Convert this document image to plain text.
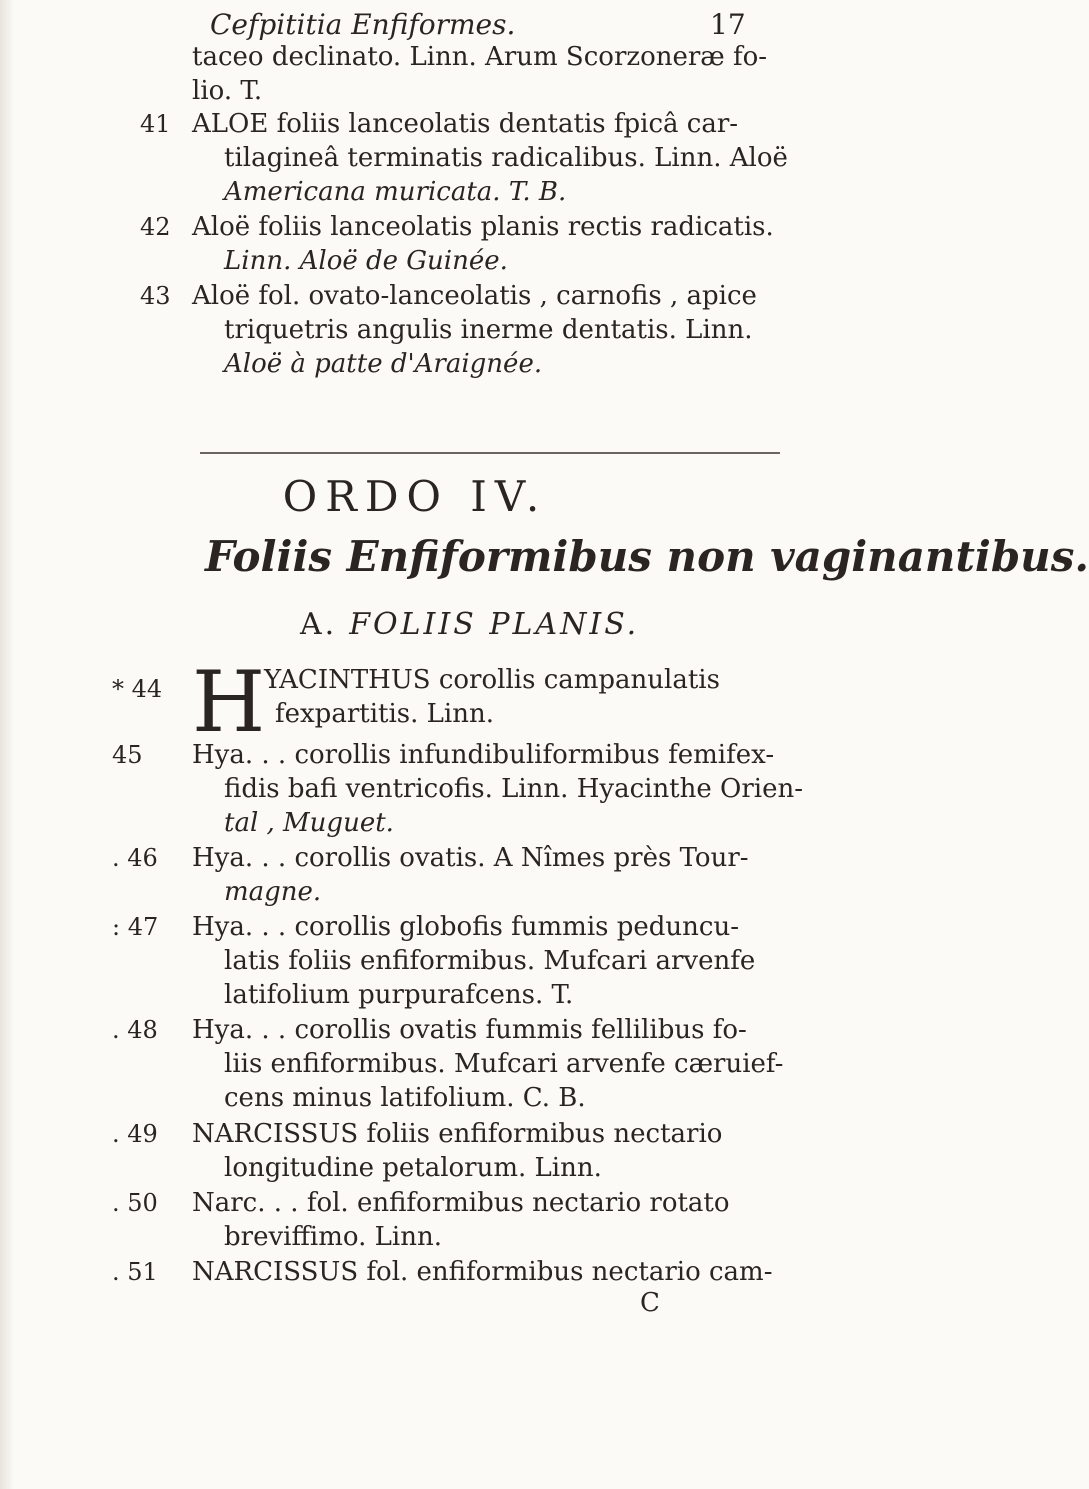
Cefpititia Enfiformes.	17
taceo declinato. Linn. Arum Scorzoneræ fo-
lio. T.
41 ALOE foliis lanceolatis dentatis fpicâ car-
tilagineâ terminatis radicalibus. Linn. Aloë
Americana muricata. T. B.
42 Aloë foliis lanceolatis planis rectis radicatis.
Linn. Aloë de Guinée.
43 Aloë fol. ovato-lanceolatis , carnofis , apice
triquetris angulis inerme dentatis. Linn.
Aloë à patte d'Araignée.
ORDO IV.
Foliis Enfiformibus non vaginantibus.
A. FOLIIS PLANIS.
* 44 H
YACINTHUS corollis campanulatis
fexpartitis. Linn.
45 Hya. . . corollis infundibuliformibus femifex-
fidis bafi ventricofis. Linn. Hyacinthe Orien-
tal , Muguet.
. 46 Hya. . . corollis ovatis. A Nîmes près Tour-
magne.
: 47 Hya. . . corollis globofis fummis peduncu-
latis foliis enfiformibus. Mufcari arvenfe
latifolium purpurafcens. T.
. 48 Hya. . . corollis ovatis fummis fellilibus fo-
liis enfiformibus. Mufcari arvenfe cæruief-
cens minus latifolium. C. B.
. 49 NARCISSUS foliis enfiformibus nectario
longitudine petalorum. Linn.
. 50 Narc. . . fol. enfiformibus nectario rotato
breviffimo. Linn.
. 51 NARCISSUS fol. enfiformibus nectario cam-
C
